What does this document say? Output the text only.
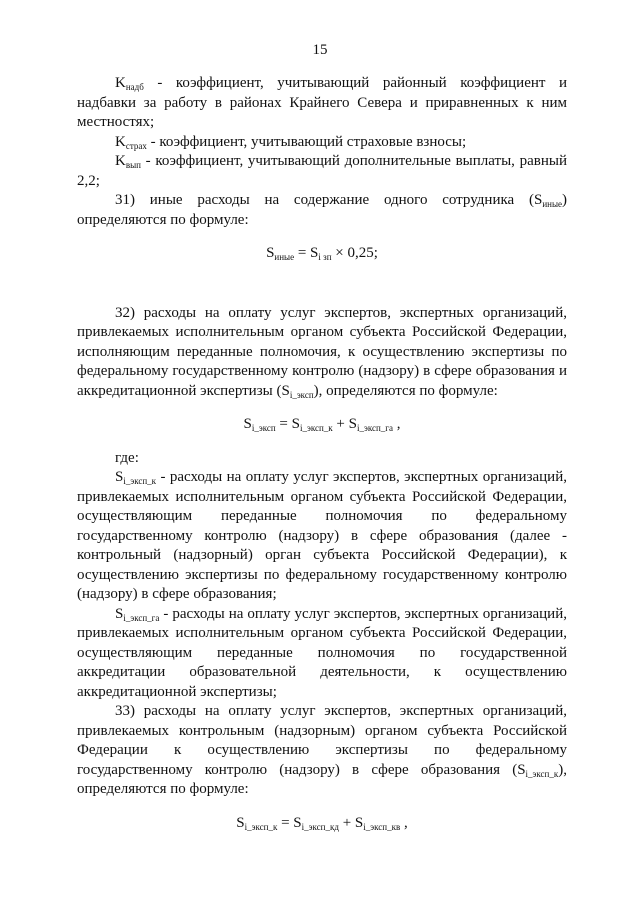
15

$K_{надб}$ - коэффициент, учитывающий районный коэффициент и надбавки за работу в районах Крайнего Севера и приравненных к ним местностях;

$K_{страх}$ - коэффициент, учитывающий страховые взносы;

$K_{вып}$ - коэффициент, учитывающий дополнительные выплаты, равный 2,2;

31) иные расходы на содержание одного сотрудника $(S_{иные})$ определяются по формуле:

$S_{иные} = S_{i зп} \times 0,25$;

32) расходы на оплату услуг экспертов, экспертных организаций, привлекаемых исполнительным органом субъекта Российской Федерации, исполняющим переданные полномочия, к осуществлению экспертизы по федеральному государственному контролю (надзору) в сфере образования и аккредитационной экспертизы $(S_{i\_эксп})$, определяются по формуле:

$S_{i\_эксп} = S_{i\_эксп\_к} + S_{i\_эксп\_га}$ ,

где:

$S_{i\_эксп\_к}$ - расходы на оплату услуг экспертов, экспертных организаций, привлекаемых исполнительным органом субъекта Российской Федерации, осуществляющим переданные полномочия по федеральному государственному контролю (надзору) в сфере образования (далее - контрольный (надзорный) орган субъекта Российской Федерации), к осуществлению экспертизы по федеральному государственному контролю (надзору) в сфере образования;

$S_{i\_эксп\_га}$ - расходы на оплату услуг экспертов, экспертных организаций, привлекаемых исполнительным органом субъекта Российской Федерации, осуществляющим переданные полномочия по государственной аккредитации образовательной деятельности, к осуществлению аккредитационной экспертизы;

33) расходы на оплату услуг экспертов, экспертных организаций, привлекаемых контрольным (надзорным) органом субъекта Российской Федерации к осуществлению экспертизы по федеральному государственному контролю (надзору) в сфере образования $(S_{i\_эксп\_к})$, определяются по формуле:

$S_{i\_эксп\_к} = S_{i\_эксп\_кд} + S_{i\_эксп\_кв}$ ,
